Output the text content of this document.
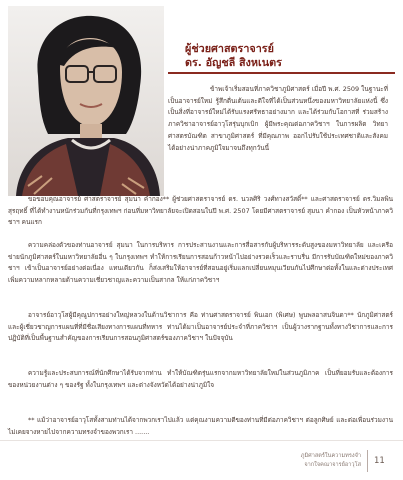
ผู้ช่วยศาสตราจารย์
ดร. อัญชลี สิงหเนตร

ข้าพเจ้าเริ่มสอนที่ภาควิชาภูมิศาสตร์ เมื่อปี พ.ศ. 2509 ในฐานะที่เป็นอาจารย์ใหม่ รู้สึกตื่นเต้นและดีใจที่ได้เป็นส่วนหนึ่งของมหาวิทยาลัยแห่งนี้ ซึ่งเป็นสิ่งที่อาจารย์ใหม่ได้รับแรงศรัทธาอย่างมาก และได้ร่วมกับโอกาสที่ ร่วมสร้างภาควิชาอาจารย์อาวุโสรุ่นบุกเบิก ผู้มีพระคุณต่อภาควิชาฯ ในการผลิต วิทยาศาสตรบัณฑิต สาขาภูมิศาสตร์ ที่มีคุณภาพ ออกไปรับใช้ประเทศชาติและสังคม ได้อย่างน่าภาคภูมิใจมาจนถึงทุกวันนี้

ขอขอบคุณอาจารย์ ศาสตราจารย์ สุมนา คำกอง** ผู้ช่วยศาสตราจารย์ ดร. นวลศิริ วงศ์ทางสวัสดิ์** และศาสตราจารย์ ดร.วิมลพิน สุรฤทธิ์ ที่ได้ทำงานหนักร่วมกันที่กรุงเทพฯ ก่อนที่มหาวิทยาลัยจะเปิดสอนในปี พ.ศ. 2507 โดยมีศาสตราจารย์ สุมนา คำกอง เป็นหัวหน้าภาควิชาฯ คนแรก

ความคล่องตัวของท่านอาจารย์ สุมนา ในการบริหาร การประสานงานและการสื่อสารกับผู้บริหารระดับสูงของมหาวิทยาลัย และเครือข่ายนักภูมิศาสตร์ในมหาวิทยาลัยอื่น ๆ ในกรุงเทพฯ ทำให้การเรียนการสอนก้าวหน้าไปอย่างรวดเร็วและราบรื่น มีการรับบัณฑิตใหม่ของภาควิชาฯ เข้าเป็นอาจารย์อย่างต่อเนื่อง แทนเดียวกัน ก็ส่งเสริมให้อาจารย์ที่สอนอยู่เริ่มแลกเปลี่ยนหมุนเวียนกันไปศึกษาต่อทั้งในและต่างประเทศ เพิ่มความหลากหลายด้านความเชี่ยวชาญและความเป็นสากล ให้แก่ภาควิชาฯ

อาจารย์อาวุโสผู้มีคุณูปการอย่างใหญ่หลวงในด้านวิชาการ คือ ท่านศาสตราจารย์ พินเอก (พิเศษ) พูนพลอาสนจินดา** นักภูมิศาสตร์และผู้เชี่ยวชาญการแผนที่ที่มีชื่อเสียงทางการแผนที่ทหาร ท่านได้มาเป็นอาจารย์ประจำที่ภาควิชาฯ เป็นผู้วางรากฐานทั้งทางวิชาการและการปฏิบัติที่เป็นพื้นฐานสำคัญของการเรียนการสอนภูมิศาสตร์ของภาควิชาฯ ในปัจจุบัน

ความรู้และประสบการณ์ที่นักศึกษาได้รับจากท่าน ทำให้บัณฑิตรุ่นแรกจากมหาวิทยาลัยใหม่ในส่วนภูมิภาค เป็นที่ยอมรับและต้องการของหน่วยงานต่าง ๆ ของรัฐ ทั้งในกรุงเทพฯ และต่างจังหวัดได้อย่างน่าภูมิใจ

** แม้ว่าอาจารย์อาวุโสทั้งสามท่านได้จากพวกเราไปแล้ว แต่คุณงามความดีของท่านที่มีต่อภาควิชาฯ ต่อลูกศิษย์ และต่อเพื่อนร่วมงาน ไม่เคยจางหายไปจากความทรงจำของพวกเรา .......

ภูมิศาสตร์ในความทรงจำ
จากใจคณาจารย์อาวุโส 11
